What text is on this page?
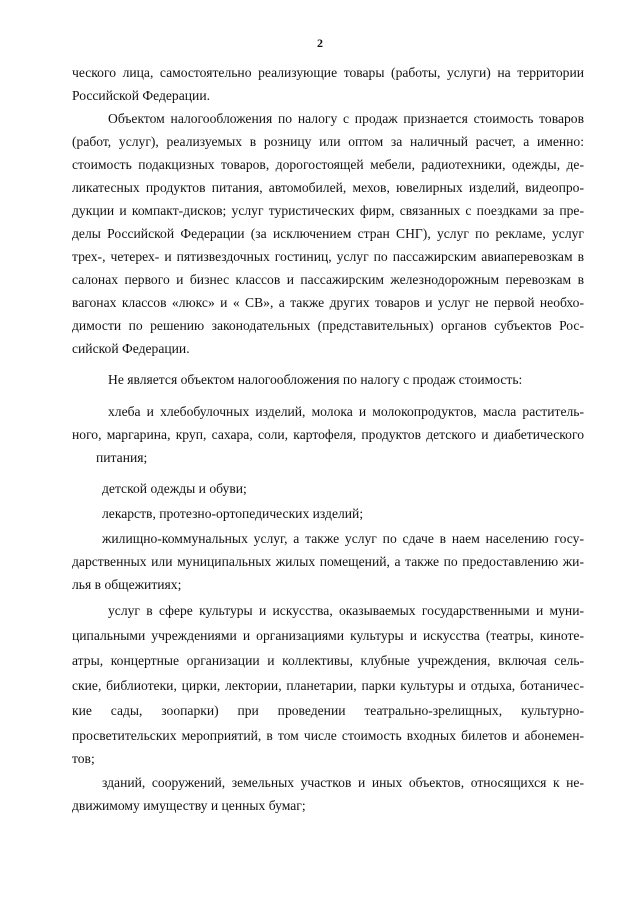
2
ческого лица, самостоятельно реализующие товары (работы, услуги) на территории
Российской Федерации.
Объектом налогообложения по налогу с продаж признается стоимость товаров
(работ, услуг), реализуемых в розницу или оптом за наличный расчет, а именно:
стоимость подакцизных товаров, дорогостоящей мебели, радиотехники, одежды, де-
ликатесных продуктов питания, автомобилей, мехов, ювелирных изделий, видеопро-
дукции и компакт-дисков; услуг туристических фирм, связанных с поездками за пре-
делы Российской Федерации (за исключением стран СНГ), услуг по рекламе, услуг
трех-, четерех- и пятизвездочных гостиниц, услуг по пассажирским авиаперевозкам в
салонах первого и бизнес классов и пассажирским железнодорожным перевозкам в
вагонах классов «люкс» и « СВ», а также других товаров и услуг не первой необхо-
димости по решению законодательных (представительных) органов субъектов Рос-
сийской Федерации.
Не является объектом налогообложения по налогу с продаж стоимость:
хлеба и хлебобулочных изделий, молока и молокопродуктов, масла раститель-
ного, маргарина, круп, сахара, соли, картофеля, продуктов детского и диабетического
питания;
детской одежды и обуви;
лекарств, протезно-ортопедических изделий;
жилищно-коммунальных услуг, а также услуг по сдаче в наем населению госу-
дарственных или муниципальных жилых помещений, а также по предоставлению жи-
лья в общежитиях;
услуг в сфере культуры и искусства, оказываемых государственными и муни-
ципальными учреждениями и организациями культуры и искусства (театры, киноте-
атры, концертные организации и коллективы, клубные учреждения, включая сель-
ские, библиотеки, цирки, лектории, планетарии, парки культуры и отдыха, ботаничес-
кие сады, зоопарки) при проведении театрально-зрелищных, культурно-
просветительских мероприятий, в том числе стоимость входных билетов и абонемен-
тов;
зданий, сооружений, земельных участков и иных объектов, относящихся к не-
движимому имуществу и ценных бумаг;
